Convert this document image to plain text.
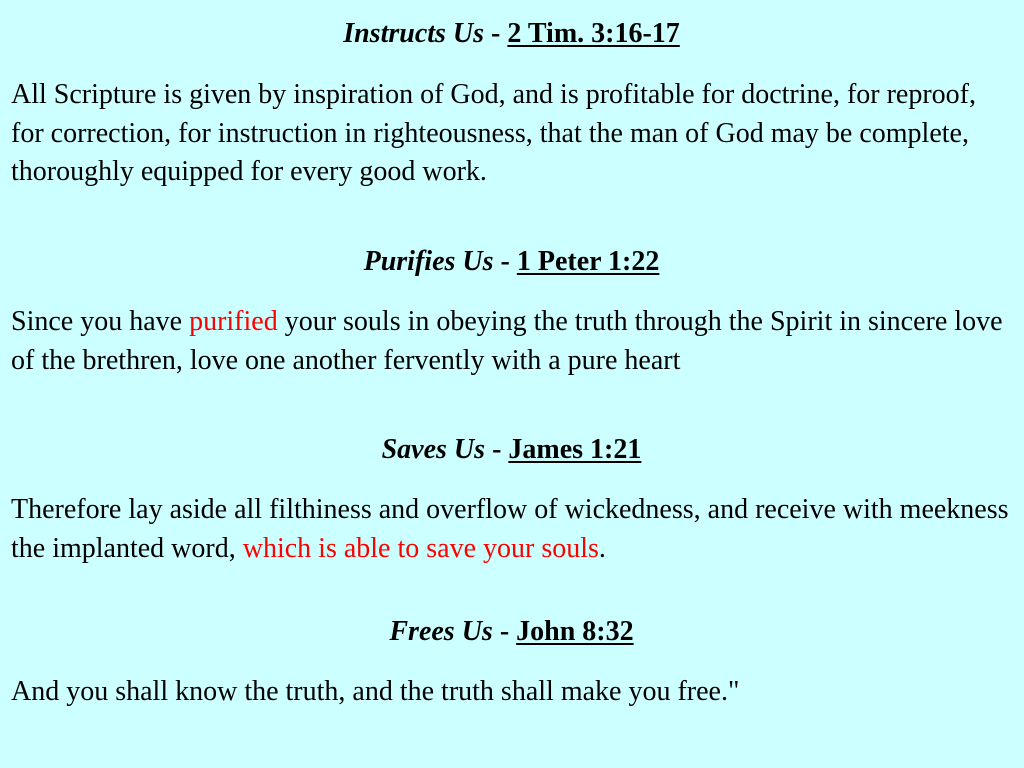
Instructs Us - 2 Tim. 3:16-17

All Scripture is given by inspiration of God, and is profitable for doctrine, for reproof, for correction, for instruction in righteousness, that the man of God may be complete, thoroughly equipped for every good work.

Purifies Us - 1 Peter 1:22

Since you have purified your souls in obeying the truth through the Spirit in sincere love of the brethren, love one another fervently with a pure heart

Saves Us - James 1:21

Therefore lay aside all filthiness and overflow of wickedness, and receive with meekness the implanted word, which is able to save your souls.

Frees Us - John 8:32

And you shall know the truth, and the truth shall make you free."
